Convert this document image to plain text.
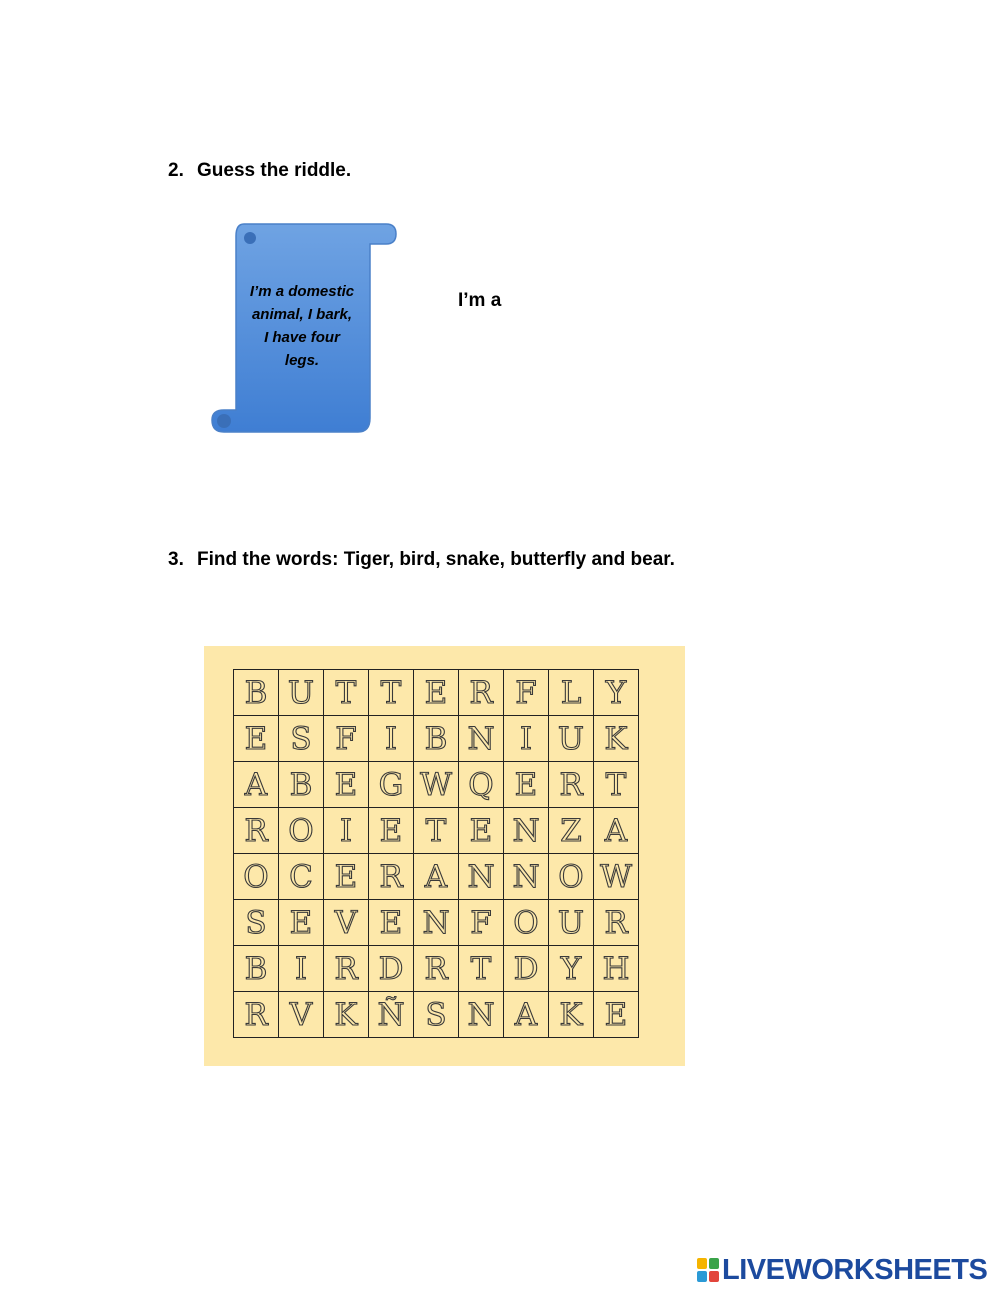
2. Guess the riddle.
I’m a domestic
animal, I bark,
I have four
legs.
I’m a
3. Find the words: Tiger, bird, snake, butterfly and bear.
B	U	T	T	E	R	F	L	Y
E	S	F	I	B	N	I	U	K
A	B	E	G	W	Q	E	R	T
R	O	I	E	T	E	N	Z	A
O	C	E	R	A	N	N	O	W
S	E	V	E	N	F	O	U	R
B	I	R	D	R	T	D	Y	H
R	V	K	Ñ	S	N	A	K	E
LIVEWORKSHEETS
